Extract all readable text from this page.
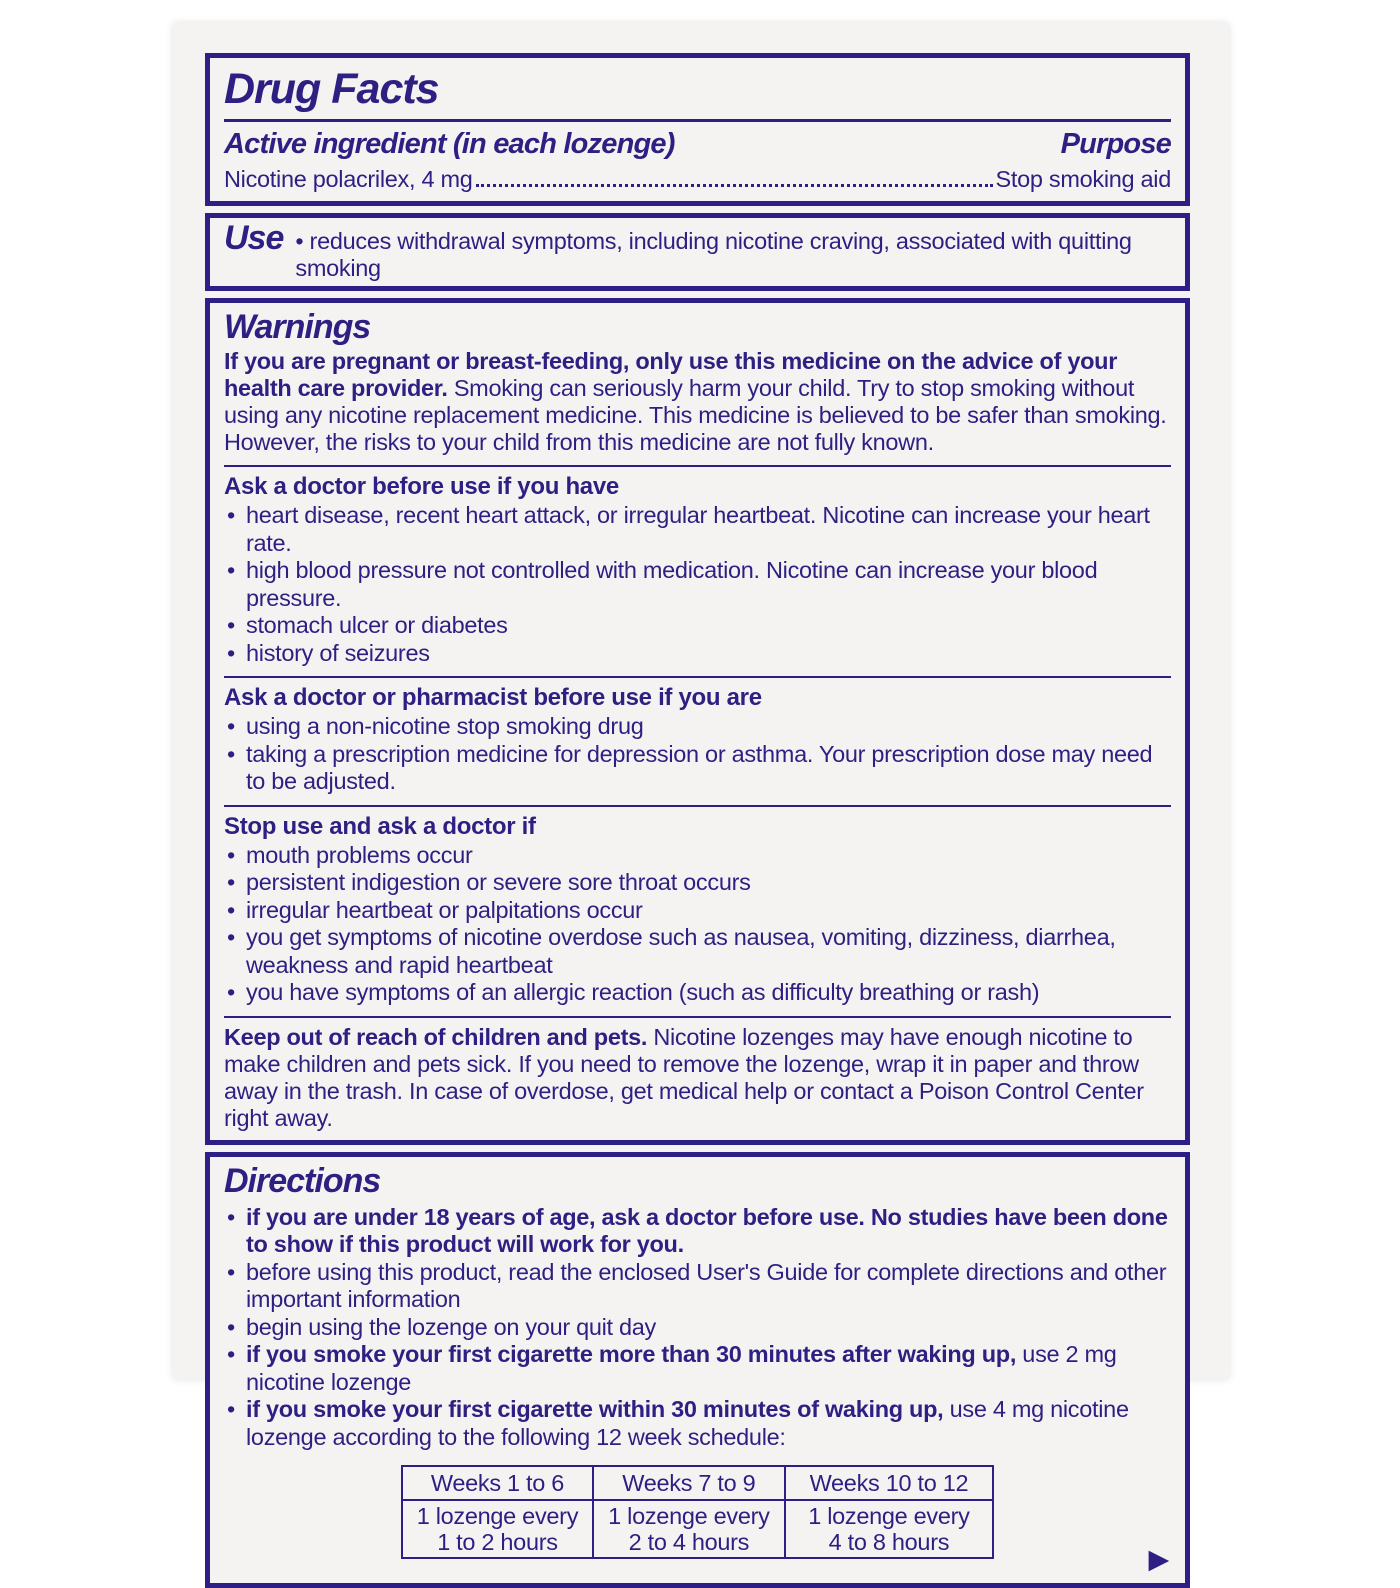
Drug Facts
Active ingredient (in each lozenge)	Purpose
Nicotine polacrilex, 4 mg	Stop smoking aid
Use	• reduces withdrawal symptoms, including nicotine craving, associated with quitting smoking
Warnings

If you are pregnant or breast-feeding, only use this medicine on the advice of your health care provider. Smoking can seriously harm your child. Try to stop smoking without using any nicotine replacement medicine. This medicine is believed to be safer than smoking. However, the risks to your child from this medicine are not fully known.

Ask a doctor before use if you have

• heart disease, recent heart attack, or irregular heartbeat. Nicotine can increase your heart rate.
• high blood pressure not controlled with medication. Nicotine can increase your blood pressure.
• stomach ulcer or diabetes
• history of seizures

Ask a doctor or pharmacist before use if you are

• using a non-nicotine stop smoking drug
• taking a prescription medicine for depression or asthma. Your prescription dose may need to be adjusted.

Stop use and ask a doctor if

• mouth problems occur
• persistent indigestion or severe sore throat occurs
• irregular heartbeat or palpitations occur
• you get symptoms of nicotine overdose such as nausea, vomiting, dizziness, diarrhea, weakness and rapid heartbeat
• you have symptoms of an allergic reaction (such as difficulty breathing or rash)

Keep out of reach of children and pets. Nicotine lozenges may have enough nicotine to make children and pets sick. If you need to remove the lozenge, wrap it in paper and throw away in the trash. In case of overdose, get medical help or contact a Poison Control Center right away.

Directions
• if you are under 18 years of age, ask a doctor before use. No studies have been done to show if this product will work for you.
• before using this product, read the enclosed User's Guide for complete directions and other important information
• begin using the lozenge on your quit day
• if you smoke your first cigarette more than 30 minutes after waking up, use 2 mg nicotine lozenge
• if you smoke your first cigarette within 30 minutes of waking up, use 4 mg nicotine lozenge according to the following 12 week schedule:
Weeks 1 to 6	Weeks 7 to 9	Weeks 10 to 12

1 lozenge every
1 to 2 hours

1 lozenge every
2 to 4 hours

1 lozenge every
4 to 8 hours
▶
